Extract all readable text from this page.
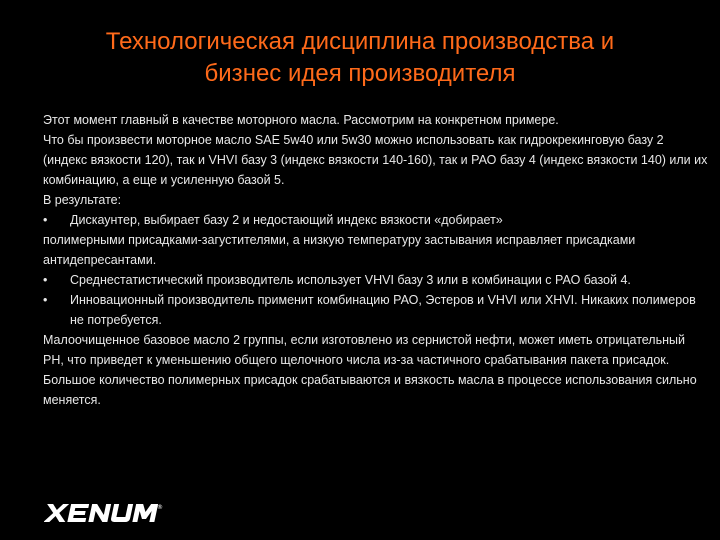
Технологическая дисциплина производства и
бизнес идея производителя

Этот момент главный в качестве моторного масла. Рассмотрим на конкретном примере.

Что бы произвести моторное масло SAE 5w40 или 5w30 можно использовать как гидрокрекинговую базу 2 (индекс вязкости 120), так и VHVI базу 3 (индекс вязкости 140-160), так и РАО базу 4 (индекс вязкости 140) или их комбинацию, а еще и усиленную базой 5.

В результате:

• Дискаунтер, выбирает базу 2 и недостающий индекс вязкости «добирает»

полимерными присадками-загустителями, а низкую температуру застывания исправляет присадками антидепресантами.

• Среднестатистический производитель использует VHVI базу 3 или в комбинации с РАО базой 4.

• Инновационный производитель применит комбинацию РАО, Эстеров и VHVI или XHVI. Никаких полимеров не потребуется.

Малоочищенное базовое масло 2 группы, если изготовлено из сернистой нефти, может иметь отрицательный PH, что приведет к уменьшению общего щелочного числа из-за частичного срабатывания пакета присадок. Большое количество полимерных присадок срабатываются и вязкость масла в процессе использования сильно меняется.

®
